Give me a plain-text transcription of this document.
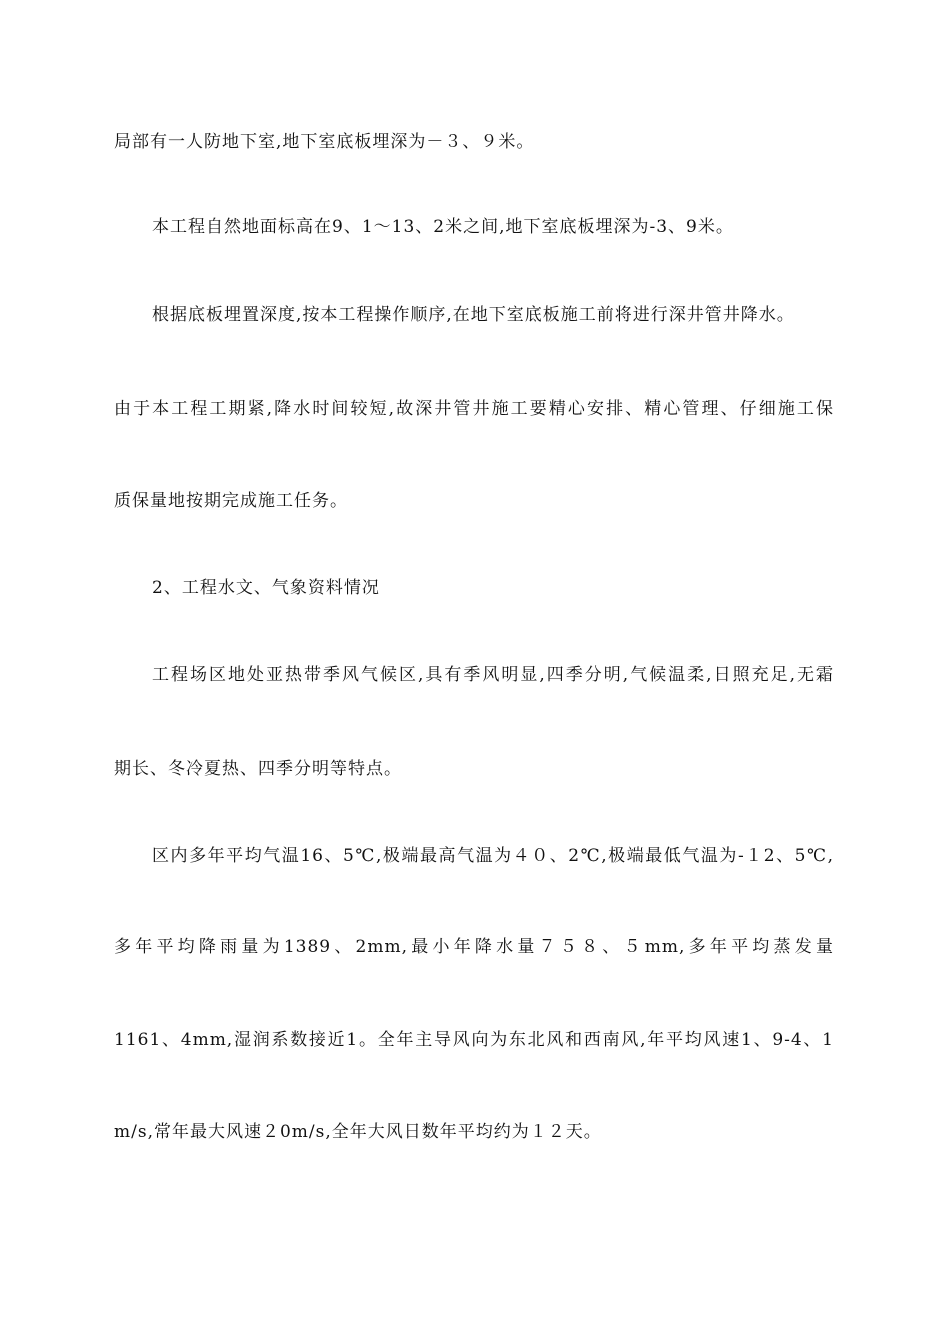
局部有一人防地下室,地下室底板埋深为－３、９米。
本工程自然地面标高在9、1～13、2米之间,地下室底板埋深为-3、9米。
根据底板埋置深度,按本工程操作顺序,在地下室底板施工前将进行深井管井降水。
由于本工程工期紧,降水时间较短,故深井管井施工要精心安排、精心管理、仔细施工保
质保量地按期完成施工任务。
2、工程水文、气象资料情况
工程场区地处亚热带季风气候区,具有季风明显,四季分明,气候温柔,日照充足,无霜
期长、冬冷夏热、四季分明等特点。
区内多年平均气温16、5℃,极端最高气温为４０、2℃,极端最低气温为-１2、5℃,
多年平均降雨量为1389、2mm,最小年降水量７５８、５mm,多年平均蒸发量
1161、4mm,湿润系数接近1。全年主导风向为东北风和西南风,年平均风速1、9-4、1
m/s,常年最大风速２0m/s,全年大风日数年平均约为１２天。
